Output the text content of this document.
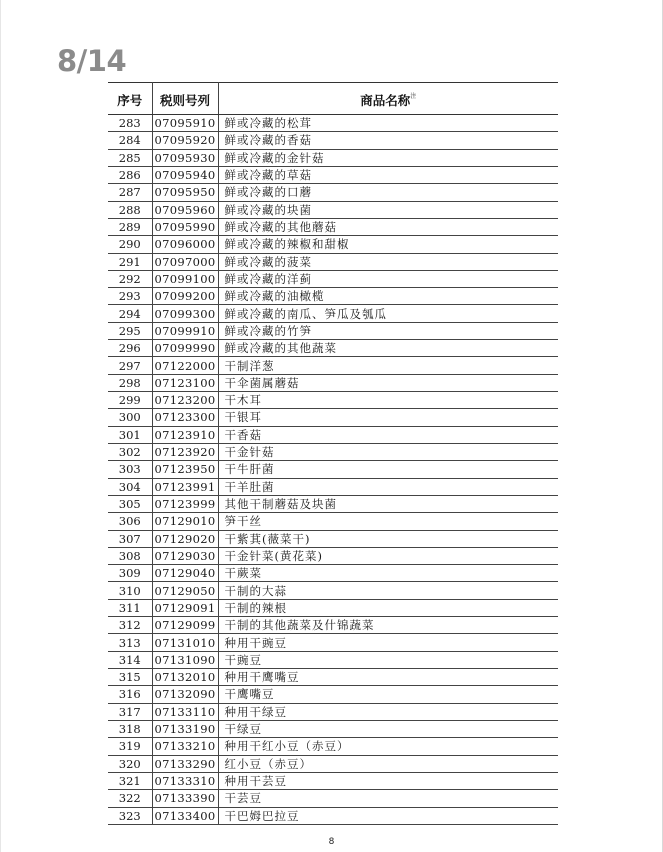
8/14
序号	税则号列	商品名称$^注$
283	07095910	鲜或冷藏的松茸
284	07095920	鲜或冷藏的香菇
285	07095930	鲜或冷藏的金针菇
286	07095940	鲜或冷藏的草菇
287	07095950	鲜或冷藏的口蘑
288	07095960	鲜或冷藏的块菌
289	07095990	鲜或冷藏的其他蘑菇
290	07096000	鲜或冷藏的辣椒和甜椒
291	07097000	鲜或冷藏的菠菜
292	07099100	鲜或冷藏的洋蓟
293	07099200	鲜或冷藏的油橄榄
294	07099300	鲜或冷藏的南瓜、笋瓜及瓠瓜
295	07099910	鲜或冷藏的竹笋
296	07099990	鲜或冷藏的其他蔬菜
297	07122000	干制洋葱
298	07123100	干伞菌属蘑菇
299	07123200	干木耳
300	07123300	干银耳
301	07123910	干香菇
302	07123920	干金针菇
303	07123950	干牛肝菌
304	07123991	干羊肚菌
305	07123999	其他干制蘑菇及块菌
306	07129010	笋干丝
307	07129020	干紫萁(薇菜干)
308	07129030	干金针菜(黄花菜)
309	07129040	干蕨菜
310	07129050	干制的大蒜
311	07129091	干制的辣根
312	07129099	干制的其他蔬菜及什锦蔬菜
313	07131010	种用干豌豆
314	07131090	干豌豆
315	07132010	种用干鹰嘴豆
316	07132090	干鹰嘴豆
317	07133110	种用干绿豆
318	07133190	干绿豆
319	07133210	种用干红小豆（赤豆）
320	07133290	红小豆（赤豆）
321	07133310	种用干芸豆
322	07133390	干芸豆
323	07133400	干巴姆巴拉豆
8
